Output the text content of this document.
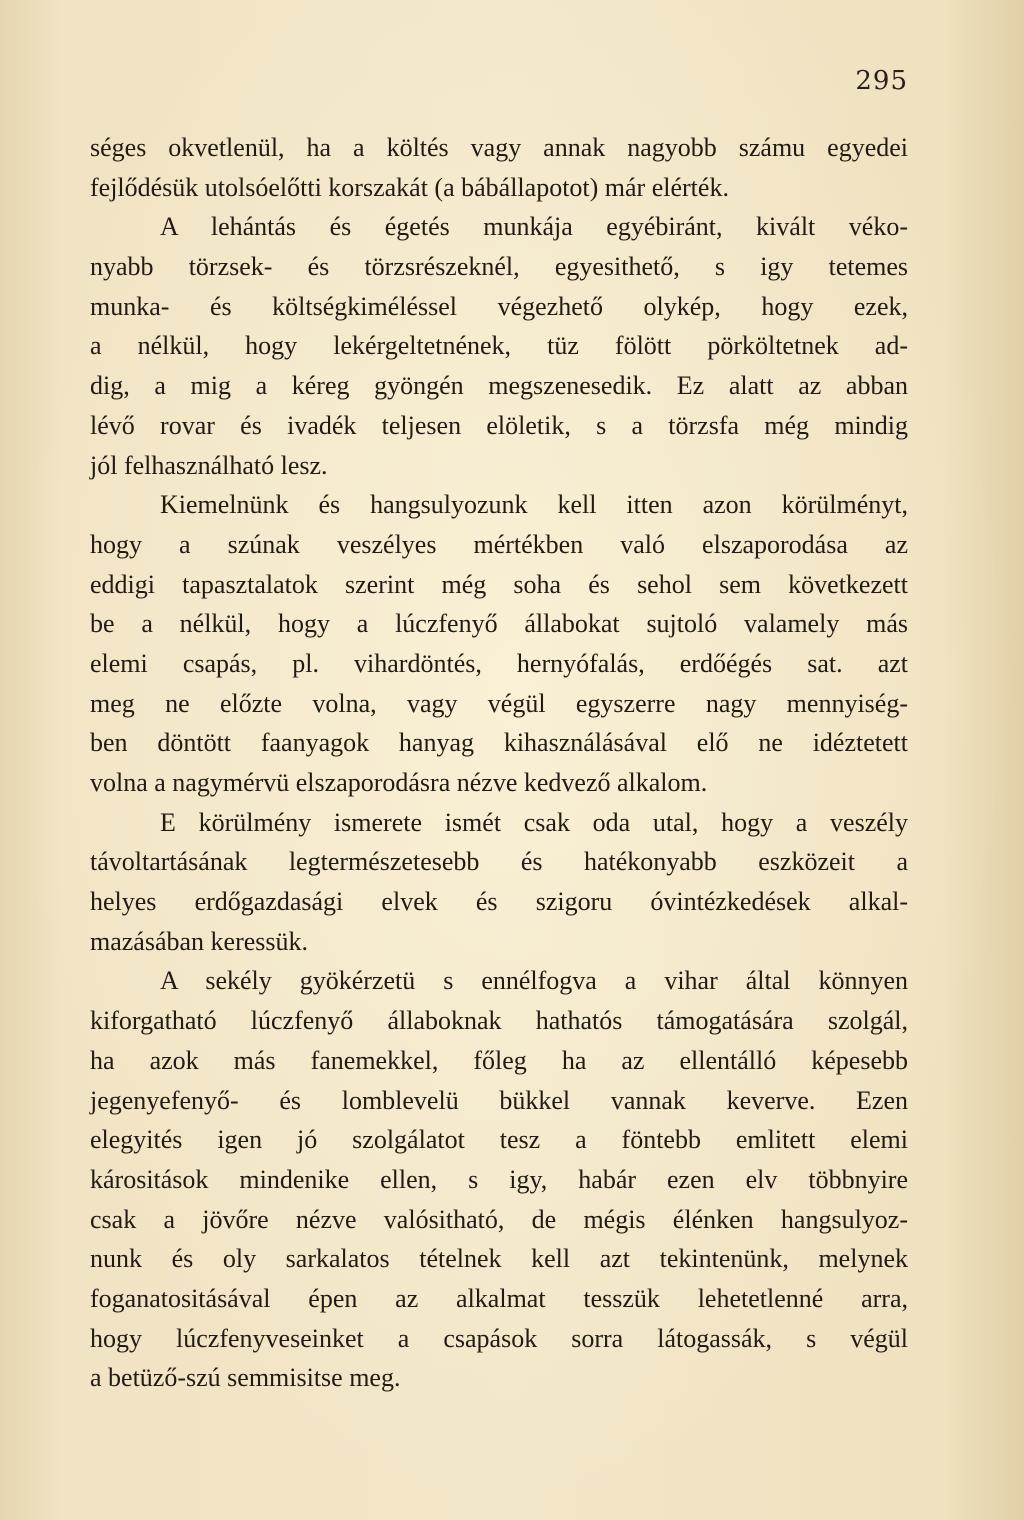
295
séges okvetlenül, ha a költés vagy annak nagyobb számu egyedei
fejlődésük utolsóelőtti korszakát (a bábállapotot) már elérték.
A lehántás és égetés munkája egyébiránt, kivált véko-
nyabb törzsek- és törzsrészeknél, egyesithető, s igy tetemes
munka- és költségkiméléssel végezhető olykép, hogy ezek,
a nélkül, hogy lekérgeltetnének, tüz fölött pörköltetnek ad-
dig, a mig a kéreg gyöngén megszenesedik. Ez alatt az abban
lévő rovar és ivadék teljesen elöletik, s a törzsfa még mindig
jól felhasználható lesz.
Kiemelnünk és hangsulyozunk kell itten azon körülményt,
hogy a szúnak veszélyes mértékben való elszaporodása az
eddigi tapasztalatok szerint még soha és sehol sem következett
be a nélkül, hogy a lúczfenyő állabokat sujtoló valamely más
elemi csapás, pl. vihardöntés, hernyófalás, erdőégés sat. azt
meg ne előzte volna, vagy végül egyszerre nagy mennyiség-
ben döntött faanyagok hanyag kihasználásával elő ne idéztetett
volna a nagymérvü elszaporodásra nézve kedvező alkalom.
E körülmény ismerete ismét csak oda utal, hogy a veszély
távoltartásának legtermészetesebb és hatékonyabb eszközeit a
helyes erdőgazdasági elvek és szigoru óvintézkedések alkal-
mazásában keressük.
A sekély gyökérzetü s ennélfogva a vihar által könnyen
kiforgatható lúczfenyő állaboknak hathatós támogatására szolgál,
ha azok más fanemekkel, főleg ha az ellentálló képesebb
jegenyefenyő- és lomblevelü bükkel vannak keverve. Ezen
elegyités igen jó szolgálatot tesz a föntebb emlitett elemi
kárositások mindenike ellen, s igy, habár ezen elv többnyire
csak a jövőre nézve valósitható, de mégis élénken hangsulyoz-
nunk és oly sarkalatos tételnek kell azt tekintenünk, melynek
foganatositásával épen az alkalmat tesszük lehetetlenné arra,
hogy lúczfenyveseinket a csapások sorra látogassák, s végül
a betüző-szú semmisitse meg.
